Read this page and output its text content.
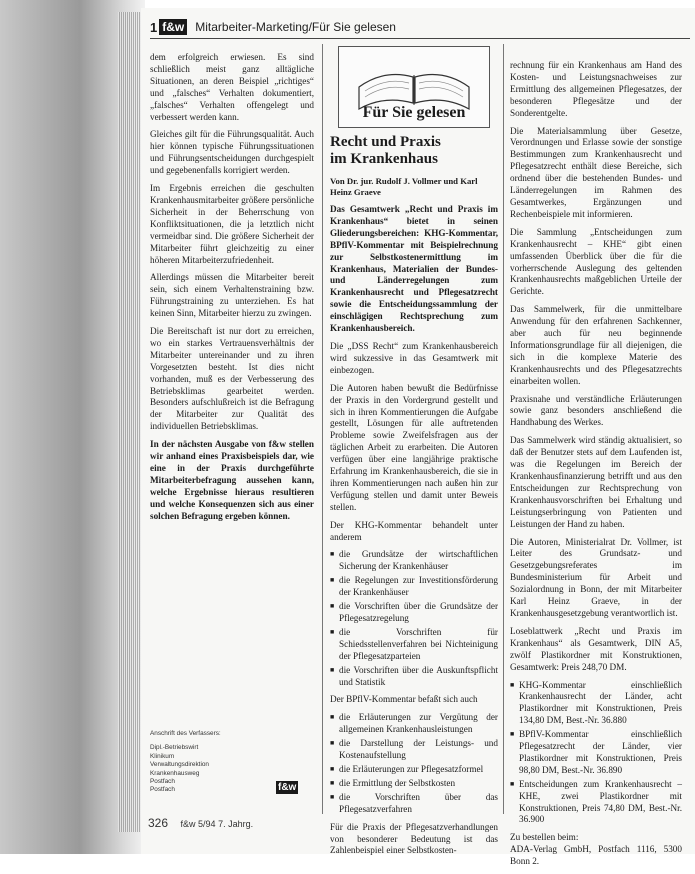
1 f&w Mitarbeiter-Marketing/Für Sie gelesen

dem erfolgreich erwiesen. Es sind schließlich meist ganz alltägliche Situationen, an deren Beispiel „richtiges“ und „falsches“ Verhalten dokumentiert, „falsches“ Verhalten offengelegt und verbessert werden kann.

Gleiches gilt für die Führungsqualität. Auch hier können typische Führungssituationen und Führungsentscheidungen durchgespielt und gegebenenfalls korrigiert werden.

Im Ergebnis erreichen die geschulten Krankenhausmitarbeiter größere persönliche Sicherheit in der Beherrschung von Konfliktsituationen, die ja letztlich nicht vermeidbar sind. Die größere Sicherheit der Mitarbeiter führt gleichzeitig zu einer höheren Mitarbeiterzufriedenheit.

Allerdings müssen die Mitarbeiter bereit sein, sich einem Verhaltenstraining bzw. Führungstraining zu unterziehen. Es hat keinen Sinn, Mitarbeiter hierzu zu zwingen.

Die Bereitschaft ist nur dort zu erreichen, wo ein starkes Vertrauensverhältnis der Mitarbeiter untereinander und zu ihren Vorgesetzten besteht. Ist dies nicht vorhanden, muß es der Verbesserung des Betriebsklimas gearbeitet werden. Besonders aufschlußreich ist die Befragung der Mitarbeiter zur Qualität des individuellen Betriebsklimas.

In der nächsten Ausgabe von f&w stellen wir anhand eines Praxisbeispiels dar, wie eine in der Praxis durchgeführte Mitarbeiterbefragung aussehen kann, welche Ergebnisse hieraus resultieren und welche Konsequenzen sich aus einer solchen Befragung ergeben können.

Anschrift des Verfassers:
Dipl.-Betriebswirt
Klinikum
Verwaltungsdirektion
Krankenhausweg
Postfach
Postfach	f&w
326 f&w 5/94 7. Jahrg.
Für Sie gelesen
Recht und Praxis
im Krankenhaus
Von Dr. jur. Rudolf J. Vollmer und Karl Heinz Graeve

Das Gesamtwerk „Recht und Praxis im Krankenhaus“ bietet in seinen Gliederungsbereichen: KHG-Kommentar, BPflV-Kommentar mit Beispielrechnung zur Selbstkostenermittlung im Krankenhaus, Materialien der Bundes- und Länderregelungen zum Krankenhausrecht und Pflegesatzrecht sowie die Entscheidungssammlung der einschlägigen Rechtsprechung zum Krankenhausbereich.

Die „DSS Recht“ zum Krankenhausbereich wird sukzessive in das Gesamtwerk mit einbezogen.

Die Autoren haben bewußt die Bedürfnisse der Praxis in den Vordergrund gestellt und sich in ihren Kommentierungen die Aufgabe gestellt, Lösungen für alle auftretenden Probleme sowie Zweifelsfragen aus der täglichen Arbeit zu erarbeiten. Die Autoren verfügen über eine langjährige praktische Erfahrung im Krankenhausbereich, die sie in ihren Kommentierungen nach außen hin zur Verfügung stellen und damit unter Beweis stellen.

Der KHG-Kommentar behandelt unter anderem

■ die Grundsätze der wirtschaftlichen Sicherung der Krankenhäuser
■ die Regelungen zur Investitionsförderung der Krankenhäuser
■ die Vorschriften über die Grundsätze der Pflegesatzregelung
■ die Vorschriften für Schiedsstellenverfahren bei Nichteinigung der Pflegesatzparteien
■ die Vorschriften über die Auskunftspflicht und Statistik

Der BPflV-Kommentar befaßt sich auch

■ die Erläuterungen zur Vergütung der allgemeinen Krankenhausleistungen
■ die Darstellung der Leistungs- und Kostenaufstellung
■ die Erläuterungen zur Pflegesatzformel
■ die Ermittlung der Selbstkosten
■ die Vorschriften über das Pflegesatzverfahren

Für die Praxis der Pflegesatzverhandlungen von besonderer Bedeutung ist das Zahlenbeispiel einer Selbstkosten-

rechnung für ein Krankenhaus am Hand des Kosten- und Leistungsnachweises zur Ermittlung des allgemeinen Pflegesatzes, der besonderen Pflegesätze und der Sonderentgelte.

Die Materialsammlung über Gesetze, Verordnungen und Erlasse sowie der sonstige Bestimmungen zum Krankenhausrecht und Pflegesatzrecht enthält diese Bereiche, sich ordnend über die bestehenden Bundes- und Länderregelungen im Rahmen des Gesamtwerkes, Ergänzungen und Rechenbeispiele mit informieren.

Die Sammlung „Entscheidungen zum Krankenhausrecht – KHE“ gibt einen umfassenden Überblick über die für die vorherrschende Auslegung des geltenden Krankenhausrechts maßgeblichen Urteile der Gerichte.

Das Sammelwerk, für die unmittelbare Anwendung für den erfahrenen Sachkenner, aber auch für neu beginnende Informationsgrundlage für all diejenigen, die sich in die komplexe Materie des Krankenhausrechts und des Pflegesatzrechts einarbeiten wollen.

Praxisnahe und verständliche Erläuterungen sowie ganz besonders anschließend die Handhabung des Werkes.

Das Sammelwerk wird ständig aktualisiert, so daß der Benutzer stets auf dem Laufenden ist, was die Regelungen im Bereich der Krankenhausfinanzierung betrifft und aus den Entscheidungen zur Rechtsprechung von Krankenhausvorschriften bei Erhaltung und Leistungserbringung von Patienten und Leistungen der Hand zu haben.

Die Autoren, Ministerialrat Dr. Vollmer, ist Leiter des Grundsatz- und Gesetzgebungsreferates im Bundesministerium für Arbeit und Sozialordnung in Bonn, der mit Mitarbeiter Karl Heinz Graeve, in der Krankenhausgesetzgebung verantwortlich ist.

Loseblattwerk „Recht und Praxis im Krankenhaus“ als Gesamtwerk, DIN A5, zwölf Plastikordner mit Konstruktionen, Gesamtwerk: Preis 248,70 DM.

■ KHG-Kommentar einschließlich Krankenhausrecht der Länder, acht Plastikordner mit Konstruktionen, Preis 134,80 DM, Best.-Nr. 36.880
■ BPflV-Kommentar einschließlich Pflegesatzrecht der Länder, vier Plastikordner mit Konstruktionen, Preis 98,80 DM, Best.-Nr. 36.890
■ Entscheidungen zum Krankenhausrecht – KHE, zwei Plastikordner mit Konstruktionen, Preis 74,80 DM, Best.-Nr. 36.900

Zu bestellen beim:

ADA-Verlag GmbH, Postfach 1116, 5300 Bonn 2.
